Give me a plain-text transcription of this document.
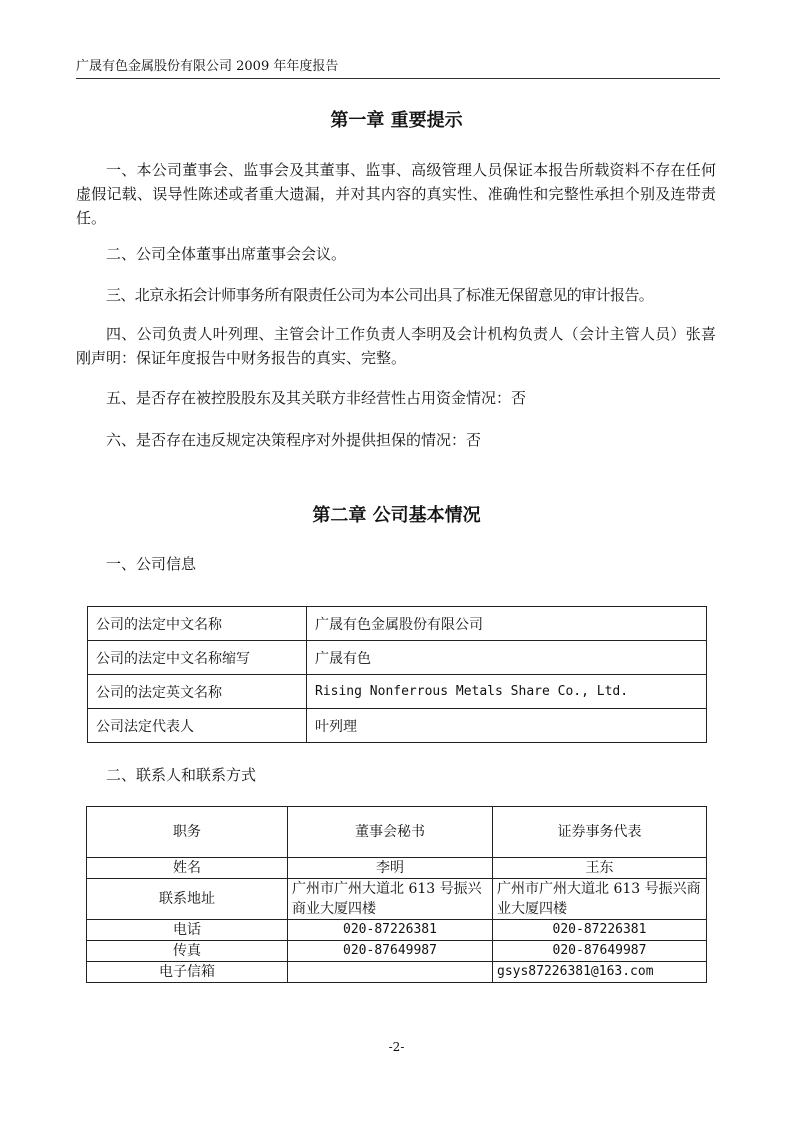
广晟有色金属股份有限公司 2009 年年度报告
第一章 重要提示

一、本公司董事会、监事会及其董事、监事、高级管理人员保证本报告所载资料不存在任何虚假记载、误导性陈述或者重大遗漏，并对其内容的真实性、准确性和完整性承担个别及连带责任。

二、公司全体董事出席董事会会议。

三、北京永拓会计师事务所有限责任公司为本公司出具了标准无保留意见的审计报告。

四、公司负责人叶列理、主管会计工作负责人李明及会计机构负责人（会计主管人员）张喜刚声明：保证年度报告中财务报告的真实、完整。

五、是否存在被控股股东及其关联方非经营性占用资金情况：否

六、是否存在违反规定决策程序对外提供担保的情况：否

第二章 公司基本情况
一、公司信息
公司的法定中文名称	广晟有色金属股份有限公司
公司的法定中文名称缩写	广晟有色
公司的法定英文名称	Rising Nonferrous Metals Share Co., Ltd.
公司法定代表人	叶列理
二、联系人和联系方式
职务	董事会秘书	证券事务代表
姓名	李明	王东
联系地址	广州市广州大道北 613 号振兴商业大厦四楼	广州市广州大道北 613 号振兴商业大厦四楼
电话	020-87226381	020-87226381
传真	020-87649987	020-87649987
电子信箱		gsys87226381@163.com
-2-
